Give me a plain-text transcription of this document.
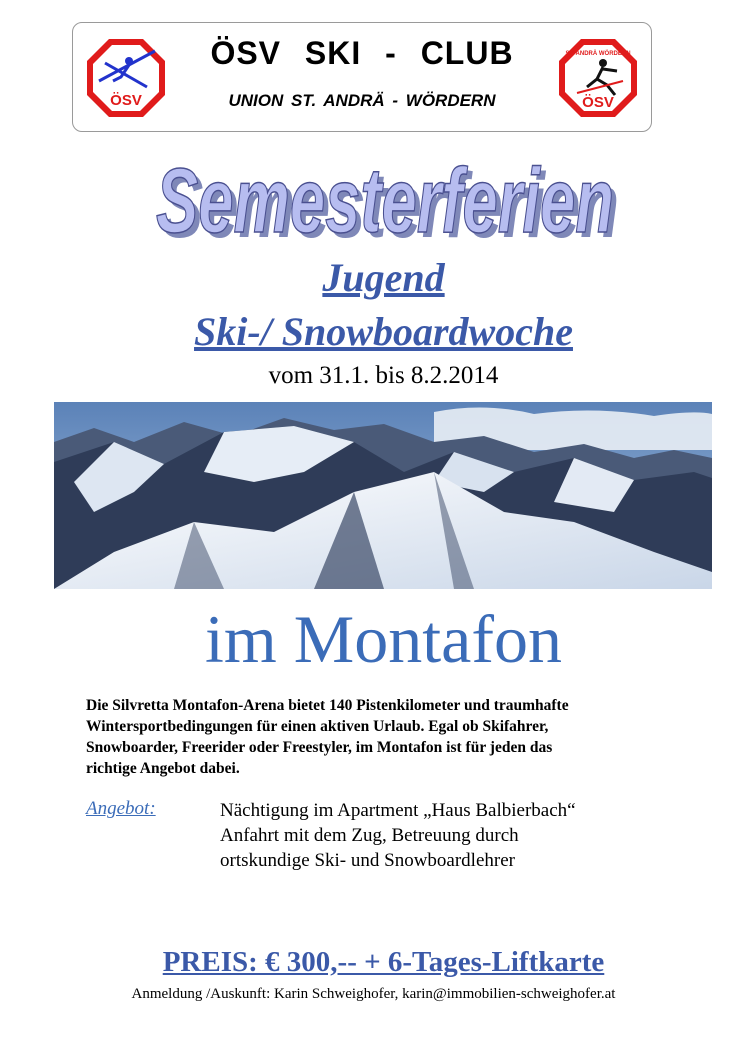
ÖSV
ÖSV SKI - CLUB
UNION ST. ANDRÄ - WÖRDERN
ST. ANDRÄ WÖRDERN
ÖSV
Semesterferien
Semesterferien
Jugend
Ski-/ Snowboardwoche
vom 31.1. bis 8.2.2014
im Montafon
Die Silvretta Montafon-Arena bietet 140 Pistenkilometer und traumhafte
Wintersportbedingungen für einen aktiven Urlaub. Egal ob Skifahrer,
Snowboarder, Freerider oder Freestyler, im Montafon ist für jeden das
richtige Angebot dabei.
Angebot:	Nächtigung im Apartment „Haus Balbierbach“
Anfahrt mit dem Zug, Betreuung durch
ortskundige Ski- und Snowboardlehrer
PREIS: € 300,-- + 6-Tages-Liftkarte
Anmeldung /Auskunft: Karin Schweighofer, karin@immobilien-schweighofer.at
